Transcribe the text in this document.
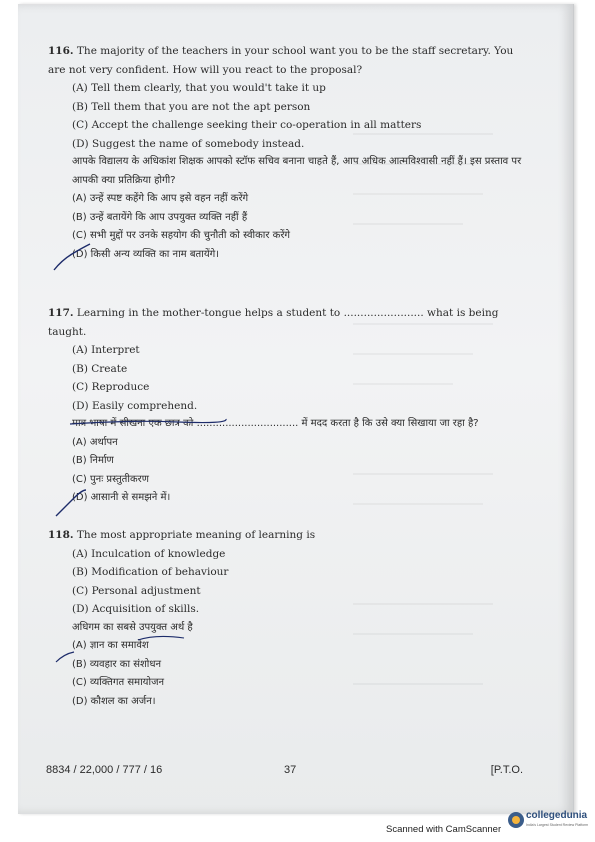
116. The majority of the teachers in your school want you to be the staff secretary. You are not very confident. How will you react to the proposal?
(A) Tell them clearly, that you would't take it up
(B) Tell them that you are not the apt person
(C) Accept the challenge seeking their co-operation in all matters
(D) Suggest the name of somebody instead.
आपके विद्यालय के अधिकांश शिक्षक आपको स्टॉफ सचिव बनाना चाहते हैं, आप अधिक आत्मविश्वासी नहीं हैं। इस प्रस्ताव पर आपकी क्या प्रतिक्रिया होगी?
(A) उन्हें स्पष्ट कहेंगे कि आप इसे वहन नहीं करेंगे
(B) उन्हें बतायेंगे कि आप उपयुक्त व्यक्ति नहीं हैं
(C) सभी मुद्दों पर उनके सहयोग की चुनौती को स्वीकार करेंगे
(D) किसी अन्य व्यक्ति का नाम बतायेंगे।
117. Learning in the mother-tongue helps a student to ........................ what is being taught.
(A) Interpret
(B) Create
(C) Reproduce
(D) Easily comprehend.
मात्र भाषा में सीखना एक छात्र को ................................ में मदद करता है कि उसे क्या सिखाया जा रहा है?
(A) अर्थापन
(B) निर्माण
(C) पुनः प्रस्तुतीकरण
(D) आसानी से समझने में।
118. The most appropriate meaning of learning is
(A) Inculcation of knowledge
(B) Modification of behaviour
(C) Personal adjustment
(D) Acquisition of skills.
अधिगम का सबसे उपयुक्त अर्थ है
(A) ज्ञान का समावेश
(B) व्यवहार का संशोधन
(C) व्यक्तिगत समायोजन
(D) कौशल का अर्जन।
8834 / 22,000 / 777 / 16	37	[P.T.O.
Scanned with CamScanner
collegedunia
India's Largest Student Review Platform
